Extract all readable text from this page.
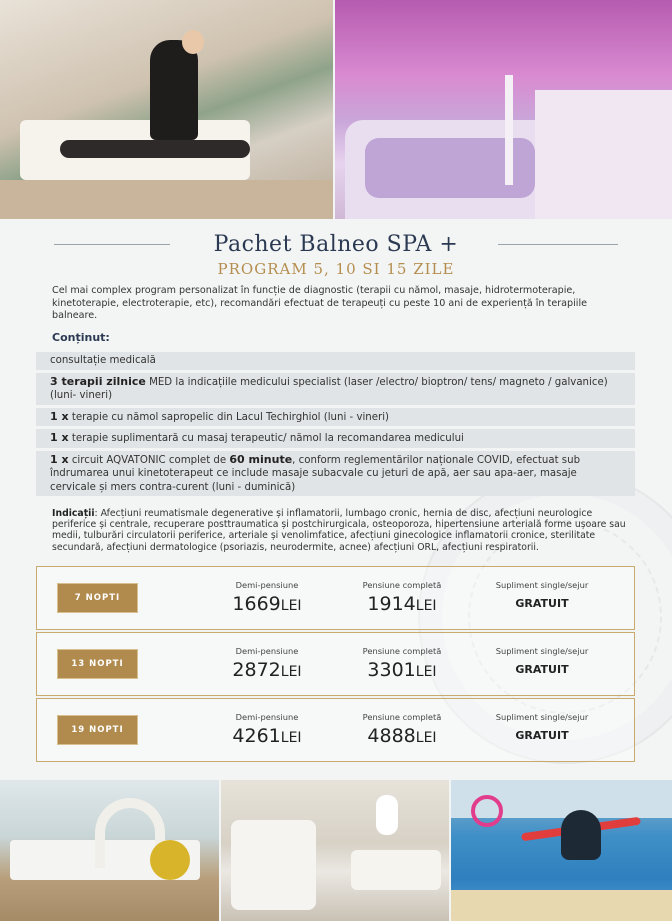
Pachet Balneo SPA +
PROGRAM 5, 10 SI 15 ZILE
Cel mai complex program personalizat în funcție de diagnostic (terapii cu nămol, masaje, hidrotermoterapie, kinetoterapie, electroterapie, etc), recomandări efectuat de terapeuți cu peste 10 ani de experiență în terapiile balneare.
Conținut:
consultație medicală
3 terapii zilnice MED la indicațiile medicului specialist (laser /electro/ bioptron/ tens/ magneto / galvanice) (luni- vineri)
1 x terapie cu nămol sapropelic din Lacul Techirghiol (luni - vineri)
1 x terapie suplimentară cu masaj terapeutic/ nămol la recomandarea medicului
1 x circuit AQVATONIC complet de 60 minute, conform reglementărilor naționale COVID, efectuat sub îndrumarea unui kinetoterapeut ce include masaje subacvale cu jeturi de apă, aer sau apa-aer, masaje cervicale și mers contra-curent (luni - duminică)
Indicații: Afecțiuni reumatismale degenerative și inflamatorii, lumbago cronic, hernia de disc, afecțiuni neurologice periferice și centrale, recuperare posttraumatica și postchirurgicala, osteoporoza, hipertensiune arterială forme ușoare sau medii, tulburări circulatorii periferice, arteriale și venolimfatice, afecțiuni ginecologice inflamatorii cronice, sterilitate secundară, afecțiuni dermatologice (psoriazis, neurodermite, acnee) afecțiuni ORL, afecțiuni respiratorii.
7 NOPTI
Demi-pensiune
1669LEI
Pensiune completă
1914LEI
Supliment single/sejur
GRATUIT
13 NOPTI
Demi-pensiune
2872LEI
Pensiune completă
3301LEI
Supliment single/sejur
GRATUIT
19 NOPTI
Demi-pensiune
4261LEI
Pensiune completă
4888LEI
Supliment single/sejur
GRATUIT
